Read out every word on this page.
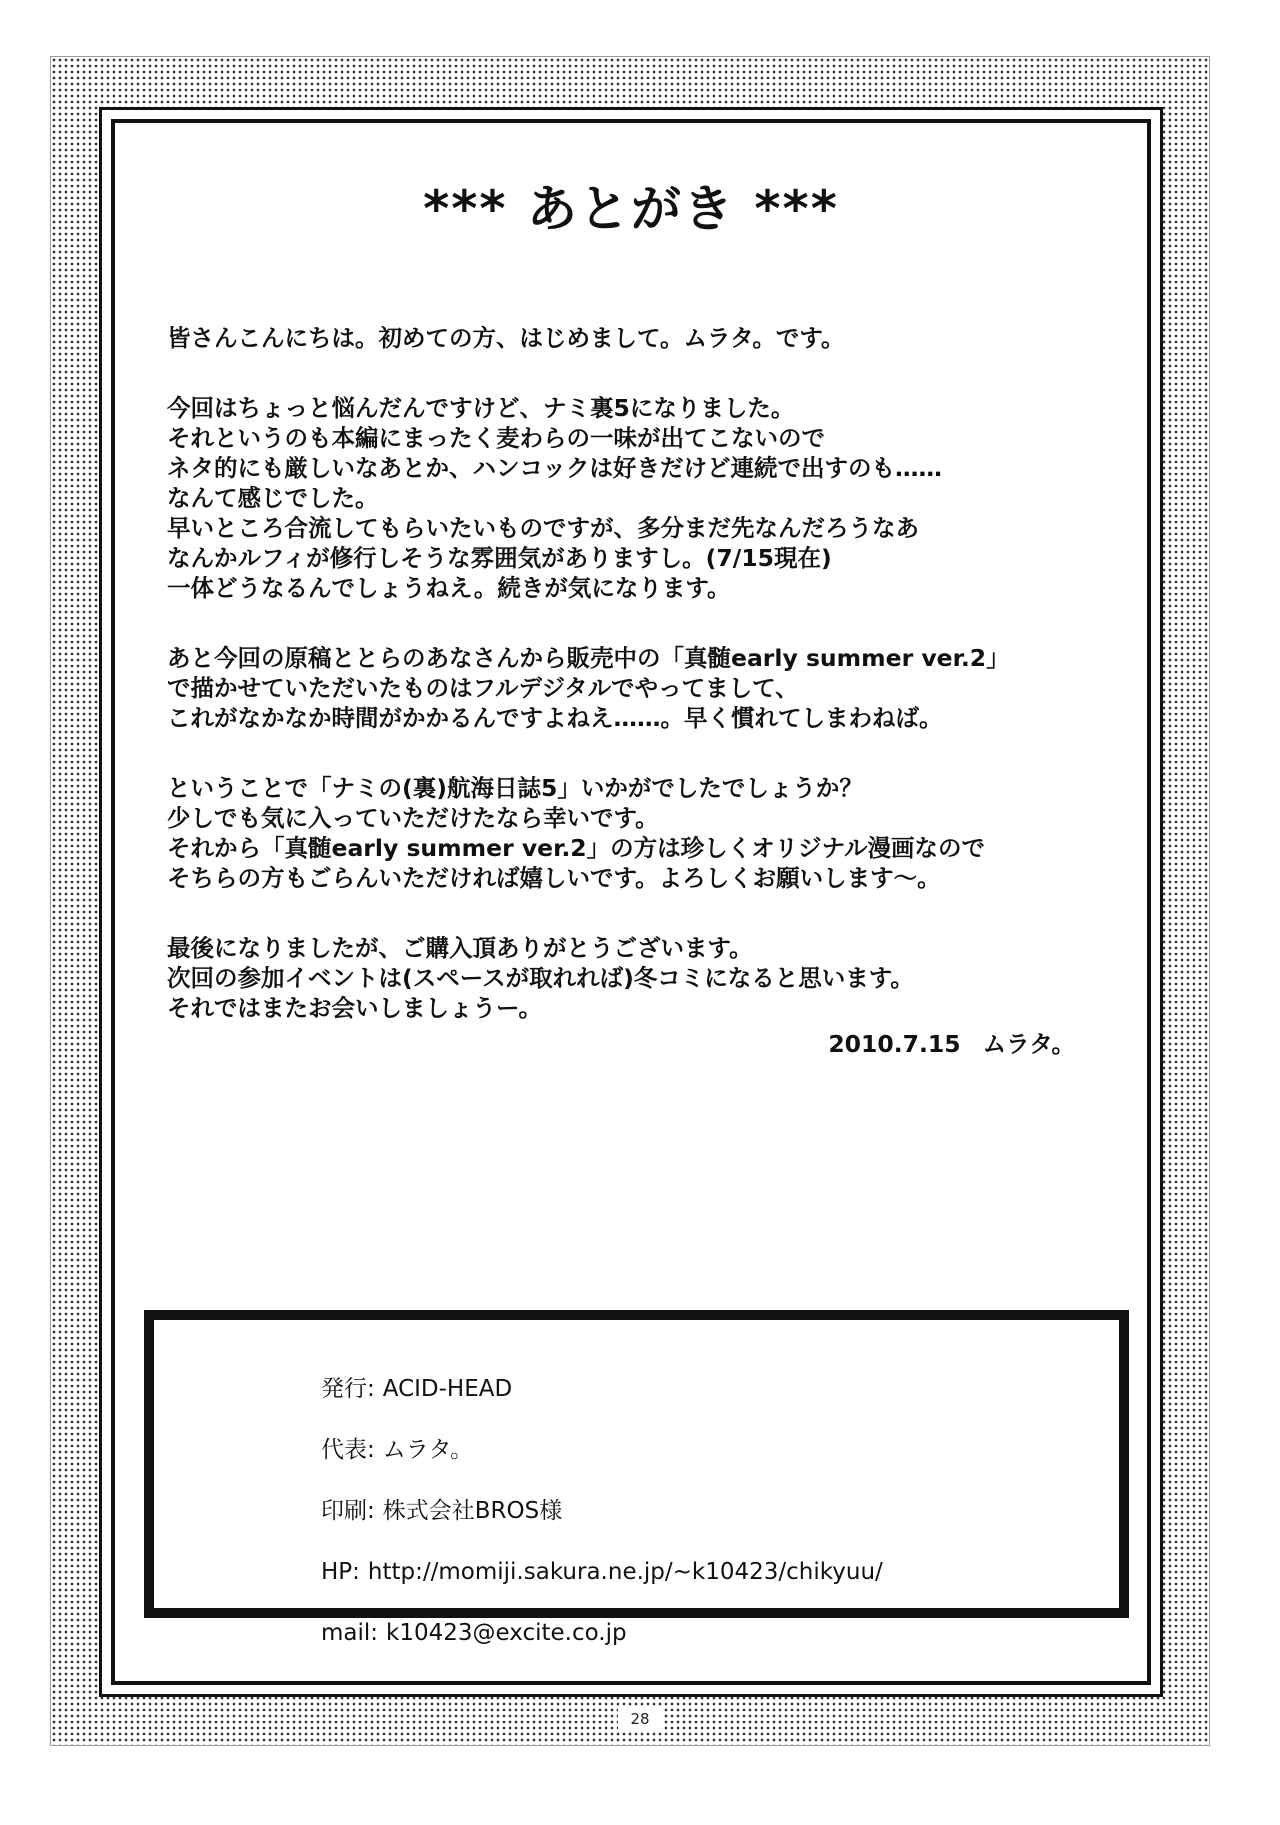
*** あとがき ***
皆さんこんにちは。初めての方、はじめまして。ムラタ。です。
今回はちょっと悩んだんですけど、ナミ裏5になりました。
それというのも本編にまったく麦わらの一味が出てこないので
ネタ的にも厳しいなあとか、ハンコックは好きだけど連続で出すのも……
なんて感じでした。
早いところ合流してもらいたいものですが、多分まだ先なんだろうなあ
なんかルフィが修行しそうな雰囲気がありますし。(7/15現在)
一体どうなるんでしょうねえ。続きが気になります。
あと今回の原稿ととらのあなさんから販売中の「真髄early summer ver.2」
で描かせていただいたものはフルデジタルでやってまして、
これがなかなか時間がかかるんですよねえ……。早く慣れてしまわねば。
ということで「ナミの(裏)航海日誌5」いかがでしたでしょうか？
少しでも気に入っていただけたなら幸いです。
それから「真髄early summer ver.2」の方は珍しくオリジナル漫画なので
そちらの方もごらんいただければ嬉しいです。よろしくお願いします～。
最後になりましたが、ご購入頂ありがとうございます。
次回の参加イベントは(スペースが取れれば)冬コミになると思います。
それではまたお会いしましょうー。
2010.7.15 ムラタ。
発行: ACID-HEAD
代表: ムラタ。
印刷: 株式会社BROS様
HP: http://momiji.sakura.ne.jp/~k10423/chikyuu/
mail: k10423@excite.co.jp
28
